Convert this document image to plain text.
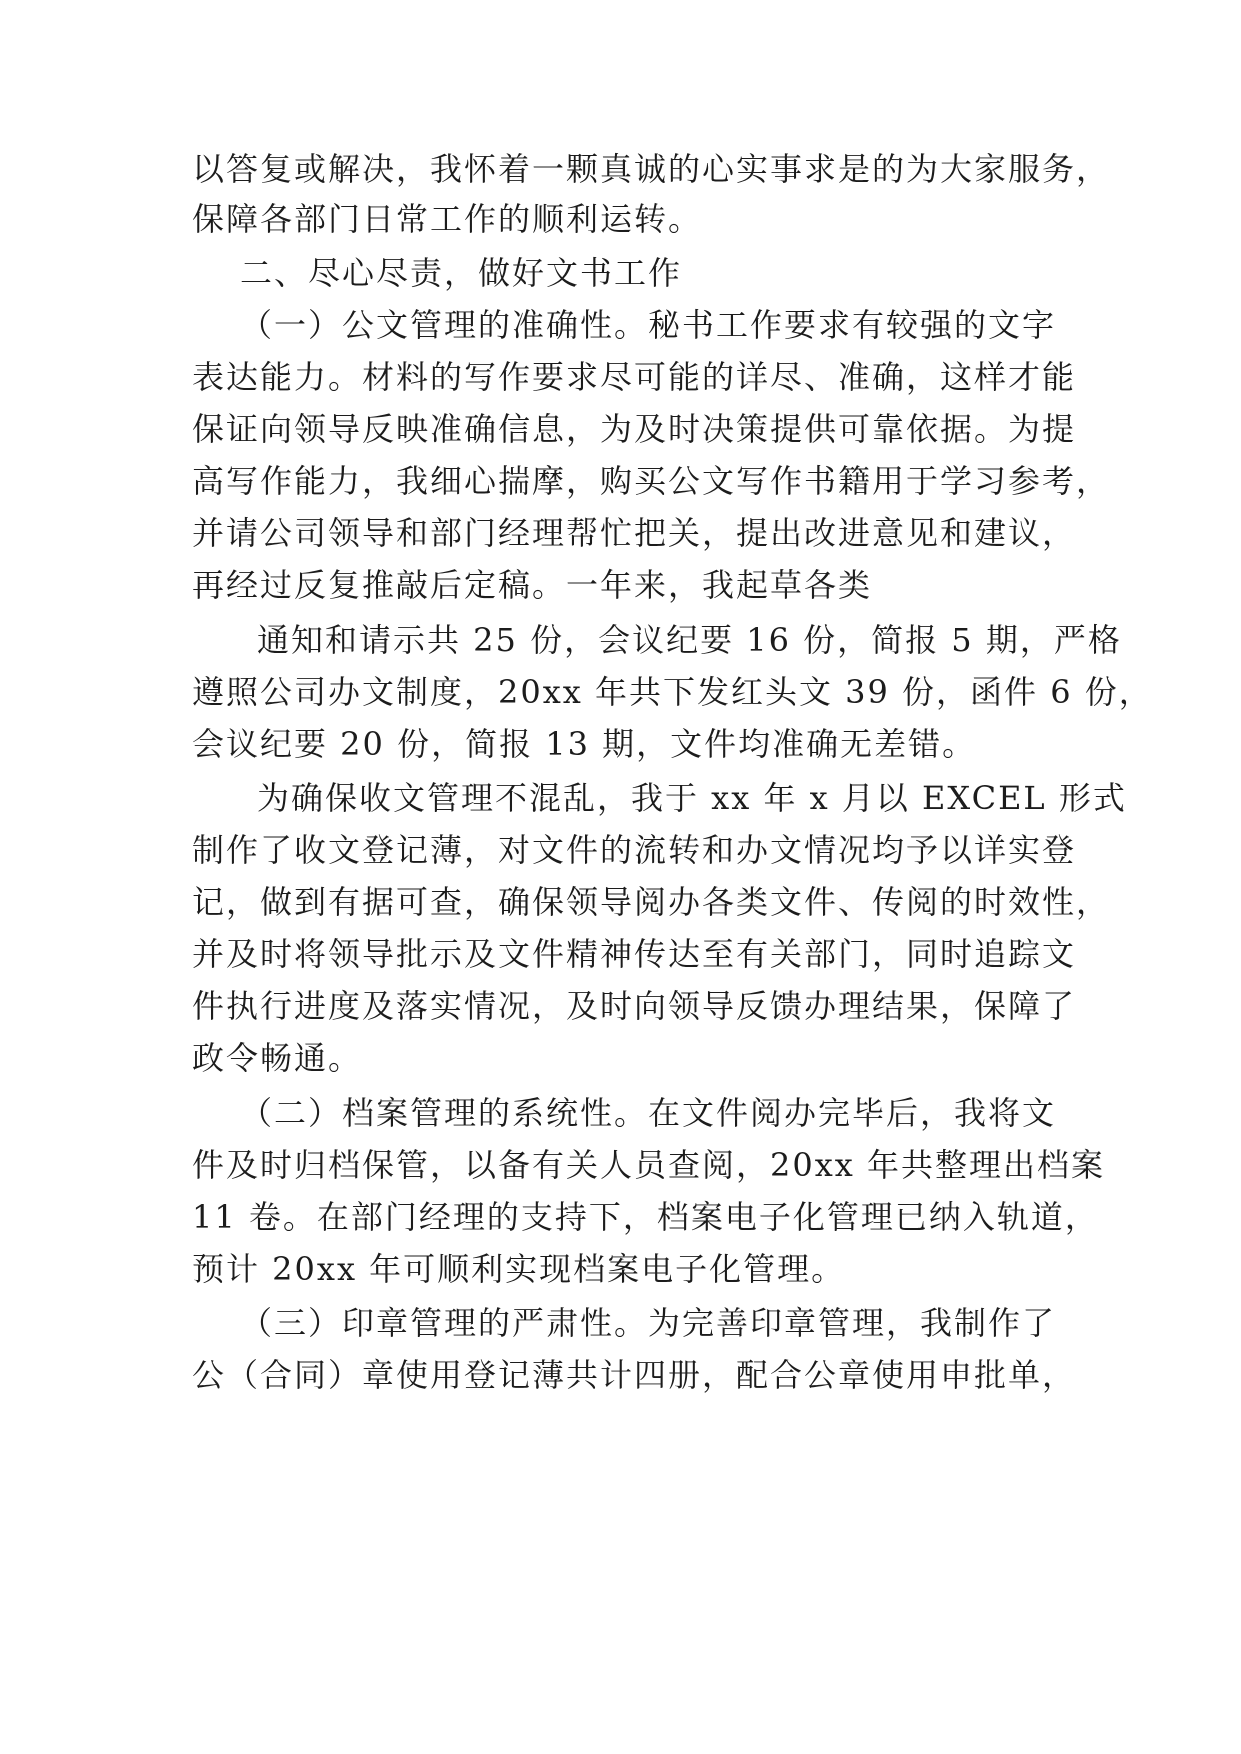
以答复或解决，我怀着一颗真诚的心实事求是的为大家服务，
保障各部门日常工作的顺利运转。
二、尽心尽责，做好文书工作
（一）公文管理的准确性。秘书工作要求有较强的文字
表达能力。材料的写作要求尽可能的详尽、准确，这样才能
保证向领导反映准确信息，为及时决策提供可靠依据。为提
高写作能力，我细心揣摩，购买公文写作书籍用于学习参考，
并请公司领导和部门经理帮忙把关，提出改进意见和建议，
再经过反复推敲后定稿。一年来，我起草各类
通知和请示共 25 份，会议纪要 16 份，简报 5 期，严格
遵照公司办文制度，20xx 年共下发红头文 39 份，函件 6 份，
会议纪要 20 份，简报 13 期，文件均准确无差错。
为确保收文管理不混乱，我于 xx 年 x 月以 EXCEL 形式
制作了收文登记薄，对文件的流转和办文情况均予以详实登
记，做到有据可查，确保领导阅办各类文件、传阅的时效性，
并及时将领导批示及文件精神传达至有关部门，同时追踪文
件执行进度及落实情况，及时向领导反馈办理结果，保障了
政令畅通。
（二）档案管理的系统性。在文件阅办完毕后，我将文
件及时归档保管，以备有关人员查阅，20xx 年共整理出档案
11 卷。在部门经理的支持下，档案电子化管理已纳入轨道，
预计 20xx 年可顺利实现档案电子化管理。
（三）印章管理的严肃性。为完善印章管理，我制作了
公（合同）章使用登记薄共计四册，配合公章使用申批单，
